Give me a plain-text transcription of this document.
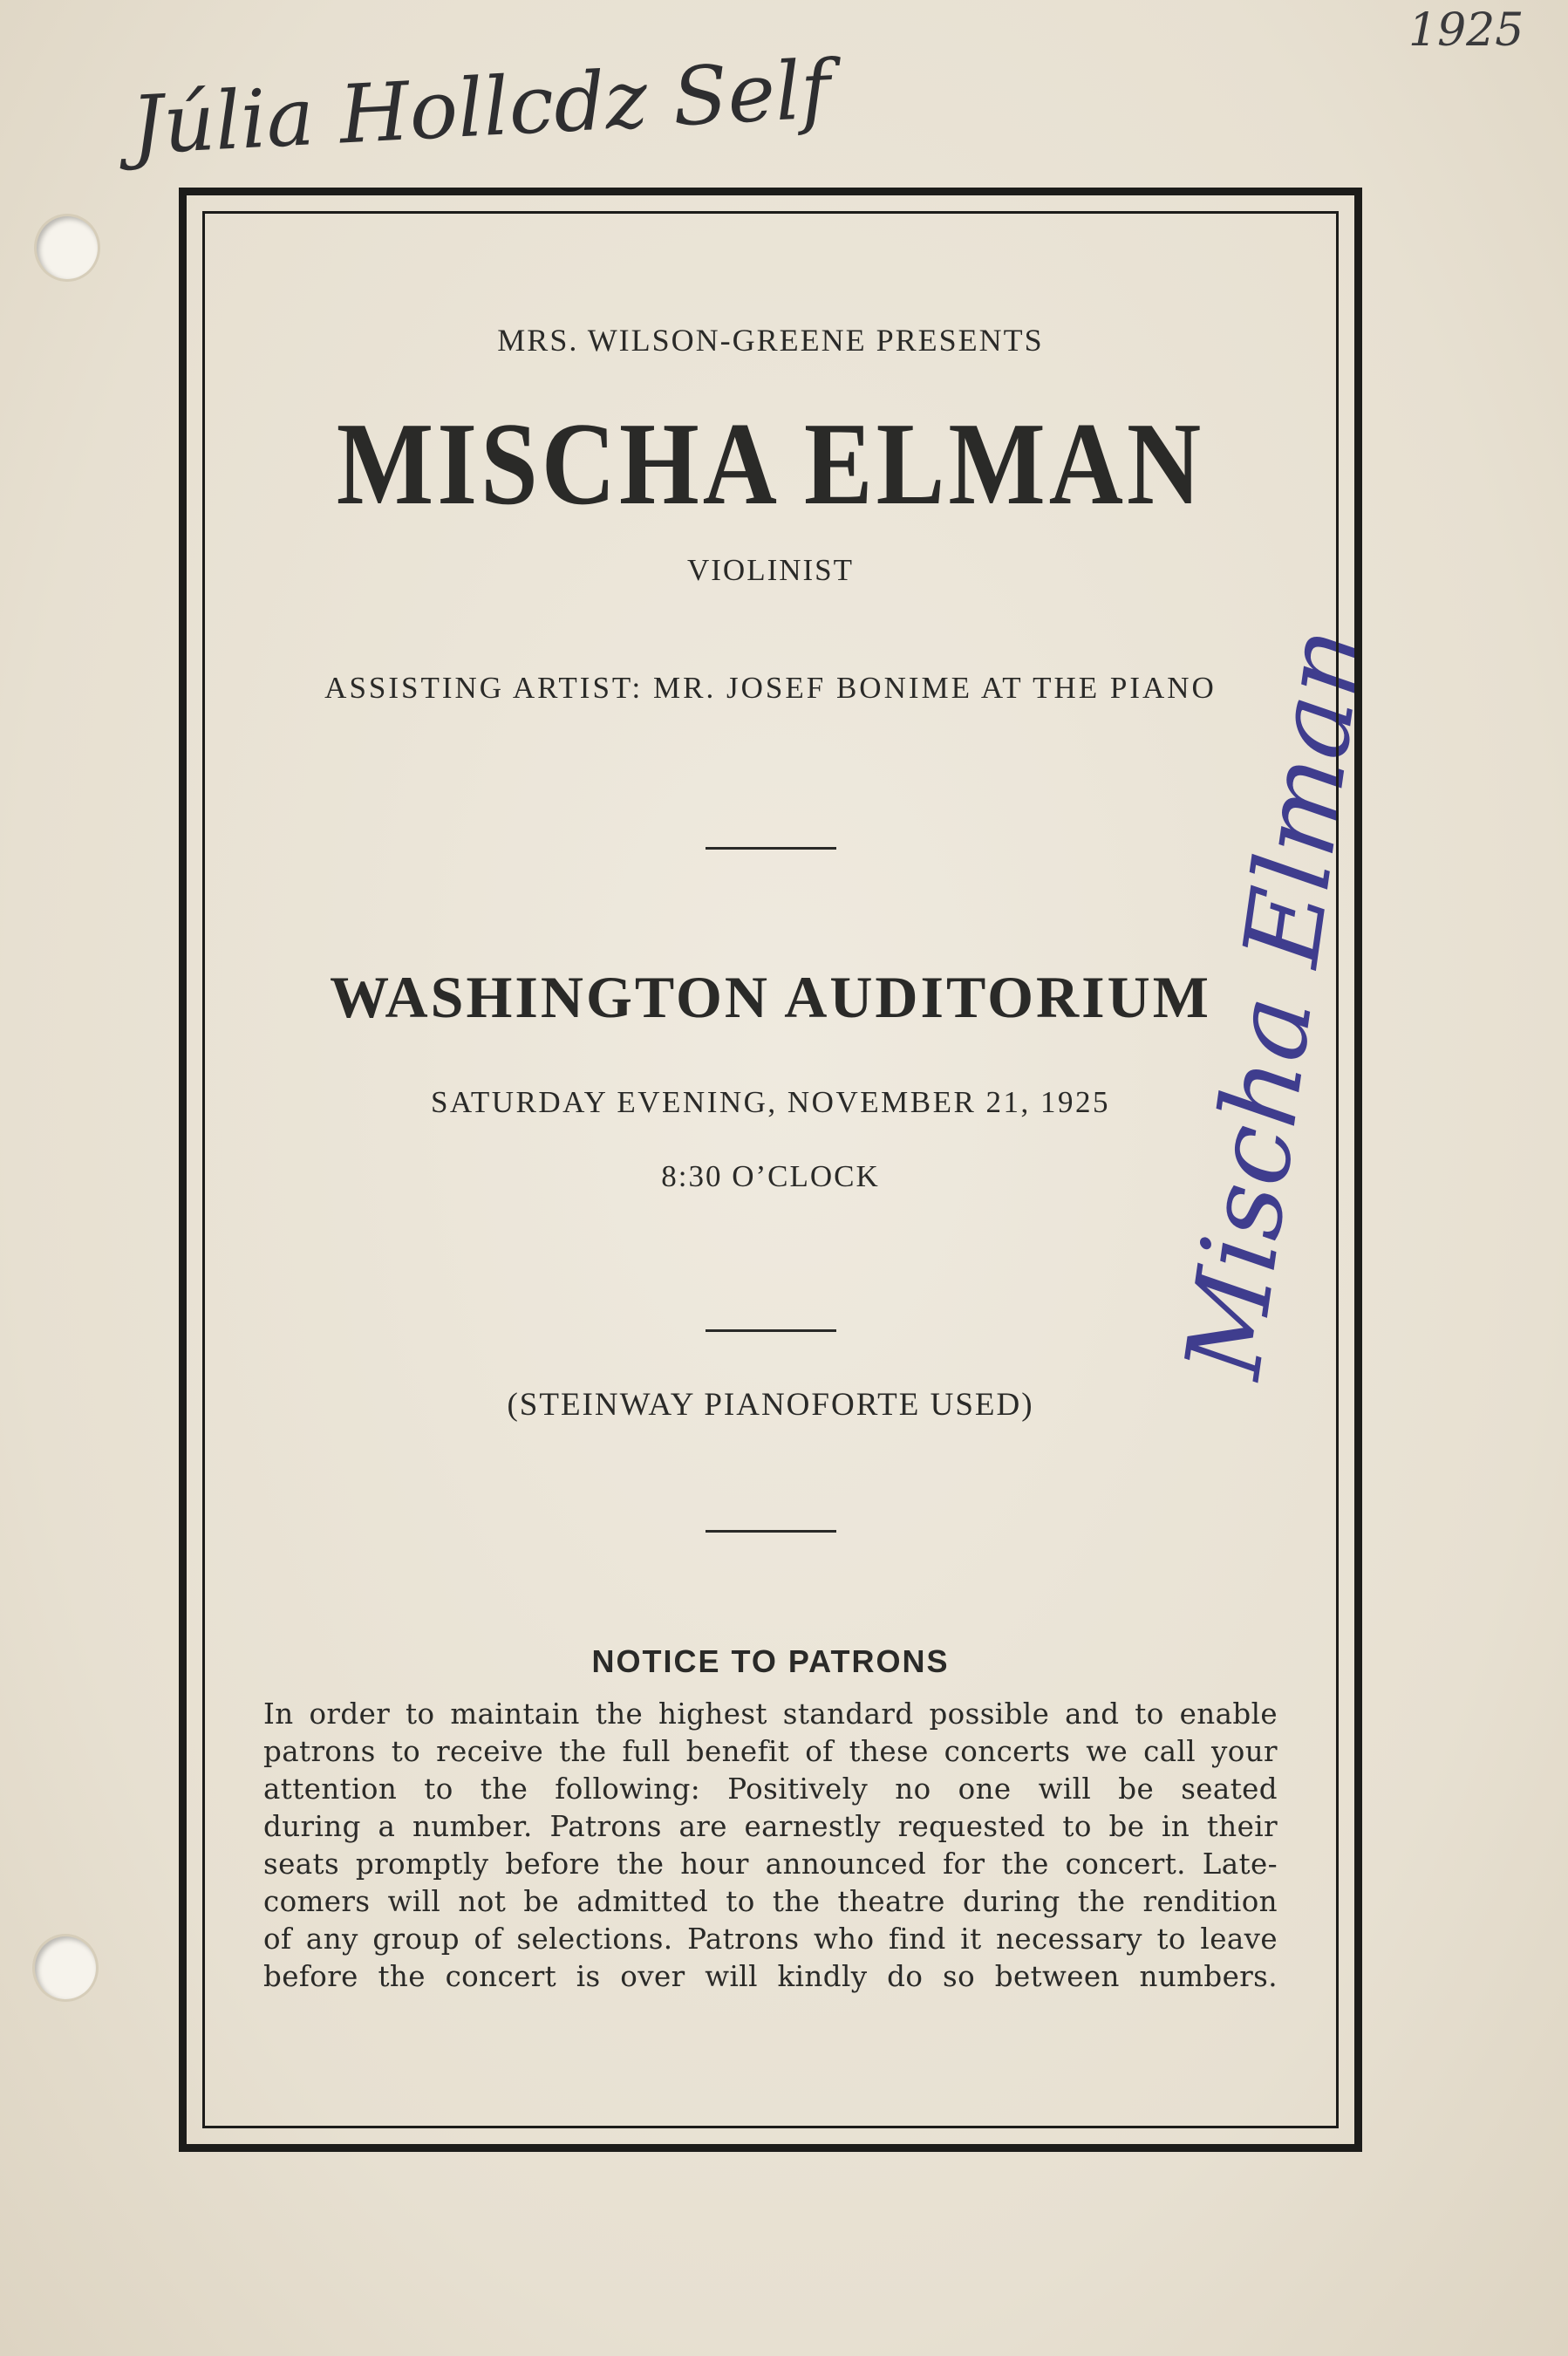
1925
Júlia Hollcdz Self
Mischa Elman
MRS. WILSON-GREENE PRESENTS
MISCHA ELMAN
VIOLINIST
ASSISTING ARTIST: MR. JOSEF BONIME AT THE PIANO
WASHINGTON AUDITORIUM
SATURDAY EVENING, NOVEMBER 21, 1925
8:30 O’CLOCK
(STEINWAY PIANOFORTE USED)
NOTICE TO PATRONS
In order to maintain the highest standard possible and to enable
patrons to receive the full benefit of these concerts we call your
attention to the following: Positively no one will be seated
during a number. Patrons are earnestly requested to be in their
seats promptly before the hour announced for the concert. Late-
comers will not be admitted to the theatre during the rendition
of any group of selections. Patrons who find it necessary to leave
before the concert is over will kindly do so between numbers.
